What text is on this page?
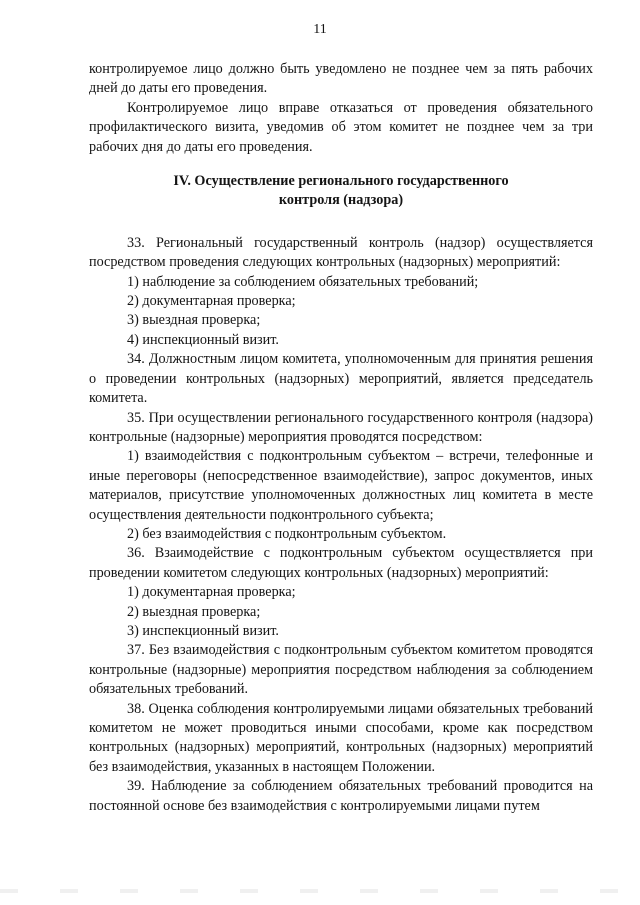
11

контролируемое лицо должно быть уведомлено не позднее чем за пять рабочих дней до даты его проведения.

Контролируемое лицо вправе отказаться от проведения обязательного профилактического визита, уведомив об этом комитет не позднее чем за три рабочих дня до даты его проведения.

IV. Осуществление регионального государственного
контроля (надзора)

33. Региональный государственный контроль (надзор) осуществляется посредством проведения следующих контрольных (надзорных) мероприятий:

1) наблюдение за соблюдением обязательных требований;

2) документарная проверка;

3) выездная проверка;

4) инспекционный визит.

34. Должностным лицом комитета, уполномоченным для принятия решения о проведении контрольных (надзорных) мероприятий, является председатель комитета.

35. При осуществлении регионального государственного контроля (надзора) контрольные (надзорные) мероприятия проводятся посредством:

1) взаимодействия с подконтрольным субъектом – встречи, телефонные и иные переговоры (непосредственное взаимодействие), запрос документов, иных материалов, присутствие уполномоченных должностных лиц комитета в месте осуществления деятельности подконтрольного субъекта;

2) без взаимодействия с подконтрольным субъектом.

36. Взаимодействие с подконтрольным субъектом осуществляется при проведении комитетом следующих контрольных (надзорных) мероприятий:

1) документарная проверка;

2) выездная проверка;

3) инспекционный визит.

37. Без взаимодействия с подконтрольным субъектом комитетом проводятся контрольные (надзорные) мероприятия посредством наблюдения за соблюдением обязательных требований.

38. Оценка соблюдения контролируемыми лицами обязательных требований комитетом не может проводиться иными способами, кроме как посредством контрольных (надзорных) мероприятий, контрольных (надзорных) мероприятий без взаимодействия, указанных в настоящем Положении.

39. Наблюдение за соблюдением обязательных требований проводится на постоянной основе без взаимодействия с контролируемыми лицами путем
